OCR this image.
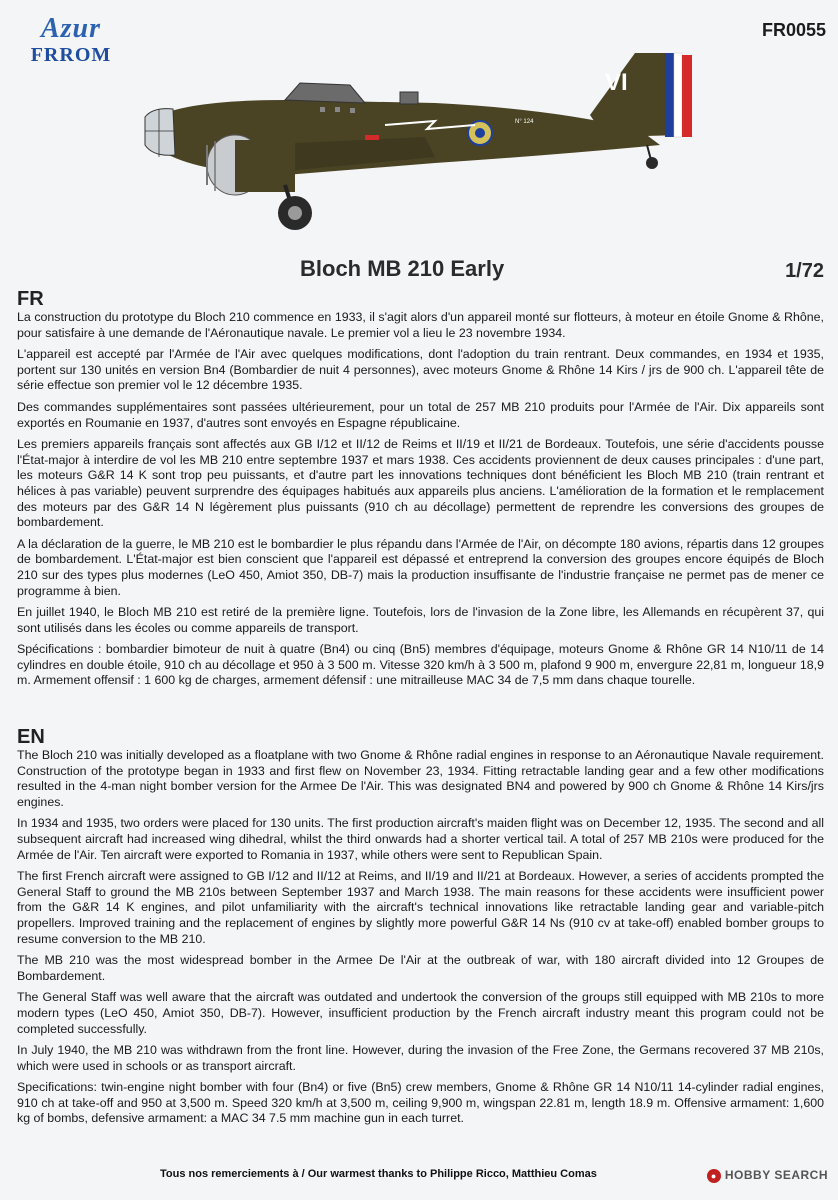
Azur
FRROM
FR0055
VI
N° 124
Bloch MB 210 Early	1/72
FR

La construction du prototype du Bloch 210 commence en 1933, il s'agit alors d'un appareil monté sur flotteurs, à moteur en étoile Gnome & Rhône, pour satisfaire à une demande de l'Aéronautique navale. Le premier vol a lieu le 23 novembre 1934.

L'appareil est accepté par l'Armée de l'Air avec quelques modifications, dont l'adoption du train rentrant. Deux commandes, en 1934 et 1935, portent sur 130 unités en version Bn4 (Bombardier de nuit 4 personnes), avec moteurs Gnome & Rhône 14 Kirs / jrs de 900 ch. L'appareil tête de série effectue son premier vol le 12 décembre 1935.

Des commandes supplémentaires sont passées ultérieurement, pour un total de 257 MB 210 produits pour l'Armée de l'Air. Dix appareils sont exportés en Roumanie en 1937, d'autres sont envoyés en Espagne républicaine.

Les premiers appareils français sont affectés aux GB I/12 et II/12 de Reims et II/19 et II/21 de Bordeaux. Toutefois, une série d'accidents pousse l'État-major à interdire de vol les MB 210 entre septembre 1937 et mars 1938. Ces accidents proviennent de deux causes principales : d'une part, les moteurs G&R 14 K sont trop peu puissants, et d'autre part les innovations techniques dont bénéficient les Bloch MB 210 (train rentrant et hélices à pas variable) peuvent surprendre des équipages habitués aux appareils plus anciens. L'amélioration de la formation et le remplacement des moteurs par des G&R 14 N légèrement plus puissants (910 ch au décollage) permettent de reprendre les conversions des groupes de bombardement.

A la déclaration de la guerre, le MB 210 est le bombardier le plus répandu dans l'Armée de l'Air, on décompte 180 avions, répartis dans 12 groupes de bombardement. L'État-major est bien conscient que l'appareil est dépassé et entreprend la conversion des groupes encore équipés de Bloch 210 sur des types plus modernes (LeO 450, Amiot 350, DB-7) mais la production insuffisante de l'industrie française ne permet pas de mener ce programme à bien.

En juillet 1940, le Bloch MB 210 est retiré de la première ligne. Toutefois, lors de l'invasion de la Zone libre, les Allemands en récupèrent 37, qui sont utilisés dans les écoles ou comme appareils de transport.

Spécifications : bombardier bimoteur de nuit à quatre (Bn4) ou cinq (Bn5) membres d'équipage, moteurs Gnome & Rhône GR 14 N10/11 de 14 cylindres en double étoile, 910 ch au décollage et 950 à 3 500 m. Vitesse 320 km/h à 3 500 m, plafond 9 900 m, envergure 22,81 m, longueur 18,9 m. Armement offensif : 1 600 kg de charges, armement défensif : une mitrailleuse MAC 34 de 7,5 mm dans chaque tourelle.

EN

The Bloch 210 was initially developed as a floatplane with two Gnome & Rhône radial engines in response to an Aéronautique Navale requirement. Construction of the prototype began in 1933 and first flew on November 23, 1934. Fitting retractable landing gear and a few other modifications resulted in the 4-man night bomber version for the Armee De l'Air. This was designated BN4 and powered by 900 ch Gnome & Rhône 14 Kirs/jrs engines.

In 1934 and 1935, two orders were placed for 130 units. The first production aircraft's maiden flight was on December 12, 1935. The second and all subsequent aircraft had increased wing dihedral, whilst the third onwards had a shorter vertical tail. A total of 257 MB 210s were produced for the Armée de l'Air. Ten aircraft were exported to Romania in 1937, while others were sent to Republican Spain.

The first French aircraft were assigned to GB I/12 and II/12 at Reims, and II/19 and II/21 at Bordeaux. However, a series of accidents prompted the General Staff to ground the MB 210s between September 1937 and March 1938. The main reasons for these accidents were insufficient power from the G&R 14 K engines, and pilot unfamiliarity with the aircraft's technical innovations like retractable landing gear and variable-pitch propellers. Improved training and the replacement of engines by slightly more powerful G&R 14 Ns (910 cv at take-off) enabled bomber groups to resume conversion to the MB 210.

The MB 210 was the most widespread bomber in the Armee De l'Air at the outbreak of war, with 180 aircraft divided into 12 Groupes de Bombardement.

The General Staff was well aware that the aircraft was outdated and undertook the conversion of the groups still equipped with MB 210s to more modern types (LeO 450, Amiot 350, DB-7). However, insufficient production by the French aircraft industry meant this program could not be completed successfully.

In July 1940, the MB 210 was withdrawn from the front line. However, during the invasion of the Free Zone, the Germans recovered 37 MB 210s, which were used in schools or as transport aircraft.

Specifications: twin-engine night bomber with four (Bn4) or five (Bn5) crew members, Gnome & Rhône GR 14 N10/11 14-cylinder radial engines, 910 ch at take-off and 950 at 3,500 m. Speed 320 km/h at 3,500 m, ceiling 9,900 m, wingspan 22.81 m, length 18.9 m. Offensive armament: 1,600 kg of bombs, defensive armament: a MAC 34 7.5 mm machine gun in each turret.

Tous nos remerciements à / Our warmest thanks to Philippe Ricco, Matthieu Comas	● HOBBY SEARCH
